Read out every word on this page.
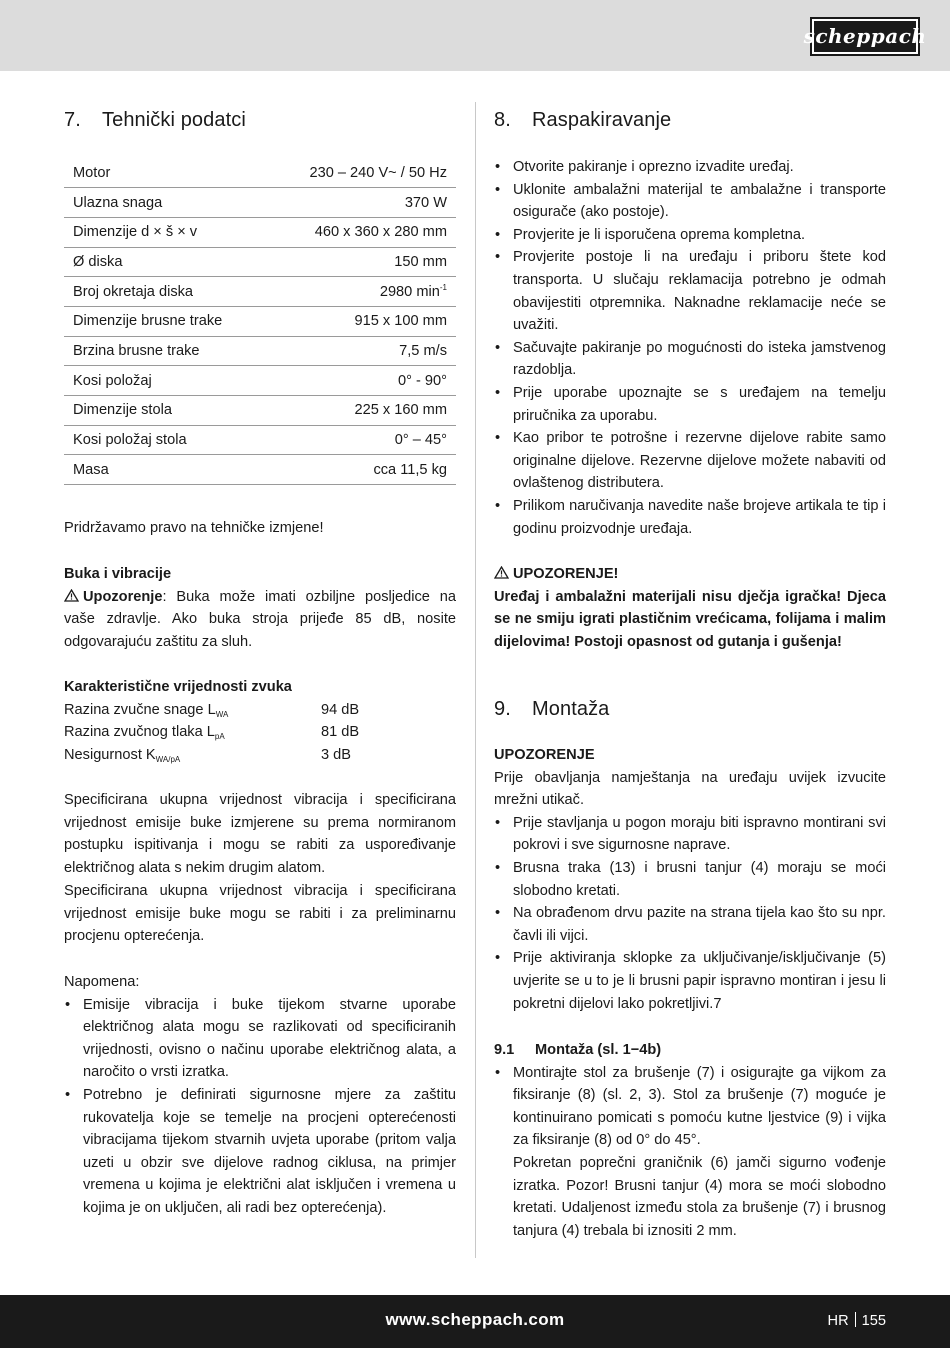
scheppach
7. Tehnički podatci
Motor	230 – 240 V~ / 50 Hz
Ulazna snaga	370 W
Dimenzije d × š × v	460 x 360 x 280 mm
Ø diska	150 mm
Broj okretaja diska	2980 $\min^{-1}$
Dimenzije brusne trake	915 x 100 mm
Brzina brusne trake	7,5 m/s
Kosi položaj	0° - 90°
Dimenzije stola	225 x 160 mm
Kosi položaj stola	0° – 45°
Masa	cca 11,5 kg
Pridržavamo pravo na tehničke izmjene!
Buka i vibracije
Upozorenje: Buka može imati ozbiljne posljedice na vaše zdravlje. Ako buka stroja prijeđe 85 dB, nosite odgovarajuću zaštitu za sluh.
Karakteristične vrijednosti zvuka
Razina zvučne snage $L_{WA}$	94 dB
Razina zvučnog tlaka $L_{pA}$	81 dB
Nesigurnost $K_{WA/pA}$	3 dB
Specificirana ukupna vrijednost vibracija i specificirana vrijednost emisije buke izmjerene su prema normiranom postupku ispitivanja i mogu se rabiti za uspoređivanje električnog alata s nekim drugim alatom.
Specificirana ukupna vrijednost vibracija i specificirana vrijednost emisije buke mogu se rabiti i za preliminarnu procjenu opterećenja.
Napomena:
• Emisije vibracija i buke tijekom stvarne uporabe električnog alata mogu se razlikovati od specificiranih vrijednosti, ovisno o načinu uporabe električnog alata, a naročito o vrsti izratka.
• Potrebno je definirati sigurnosne mjere za zaštitu rukovatelja koje se temelje na procjeni opterećenosti vibracijama tijekom stvarnih uvjeta uporabe (pritom valja uzeti u obzir sve dijelove radnog ciklusa, na primjer vremena u kojima je električni alat isključen i vremena u kojima je on uključen, ali radi bez opterećenja).
8. Raspakiravanje
• Otvorite pakiranje i oprezno izvadite uređaj.
• Uklonite ambalažni materijal te ambalažne i transporte osigurače (ako postoje).
• Provjerite je li isporučena oprema kompletna.
• Provjerite postoje li na uređaju i priboru štete kod transporta. U slučaju reklamacija potrebno je odmah obavijestiti otpremnika. Naknadne reklamacije neće se uvažiti.
• Sačuvajte pakiranje po mogućnosti do isteka jamstvenog razdoblja.
• Prije uporabe upoznajte se s uređajem na temelju priručnika za uporabu.
• Kao pribor te potrošne i rezervne dijelove rabite samo originalne dijelove. Rezervne dijelove možete nabaviti od ovlaštenog distributera.
• Prilikom naručivanja navedite naše brojeve artikala te tip i godinu proizvodnje uređaja.
UPOZORENJE!
Uređaj i ambalažni materijali nisu dječja igračka! Djeca se ne smiju igrati plastičnim vrećicama, folijama i malim dijelovima! Postoji opasnost od gutanja i gušenja!
9. Montaža
UPOZORENJE
Prije obavljanja namještanja na uređaju uvijek izvucite mrežni utikač.
• Prije stavljanja u pogon moraju biti ispravno montirani svi pokrovi i sve sigurnosne naprave.
• Brusna traka (13) i brusni tanjur (4) moraju se moći slobodno kretati.
• Na obrađenom drvu pazite na strana tijela kao što su npr. čavli ili vijci.
• Prije aktiviranja sklopke za uključivanje/isključivanje (5) uvjerite se u to je li brusni papir ispravno montiran i jesu li pokretni dijelovi lako pokretljivi.7
9.1 Montaža (sl. 1−4b)
• Montirajte stol za brušenje (7) i osigurajte ga vijkom za fiksiranje (8) (sl. 2, 3). Stol za brušenje (7) moguće je kontinuirano pomicati s pomoću kutne ljestvice (9) i vijka za fiksiranje (8) od 0° do 45°.
Pokretan poprečni graničnik (6) jamči sigurno vođenje izratka. Pozor! Brusni tanjur (4) mora se moći slobodno kretati. Udaljenost između stola za brušenje (7) i brusnog tanjura (4) trebala bi iznositi 2 mm.
www.scheppach.com	HR 155
